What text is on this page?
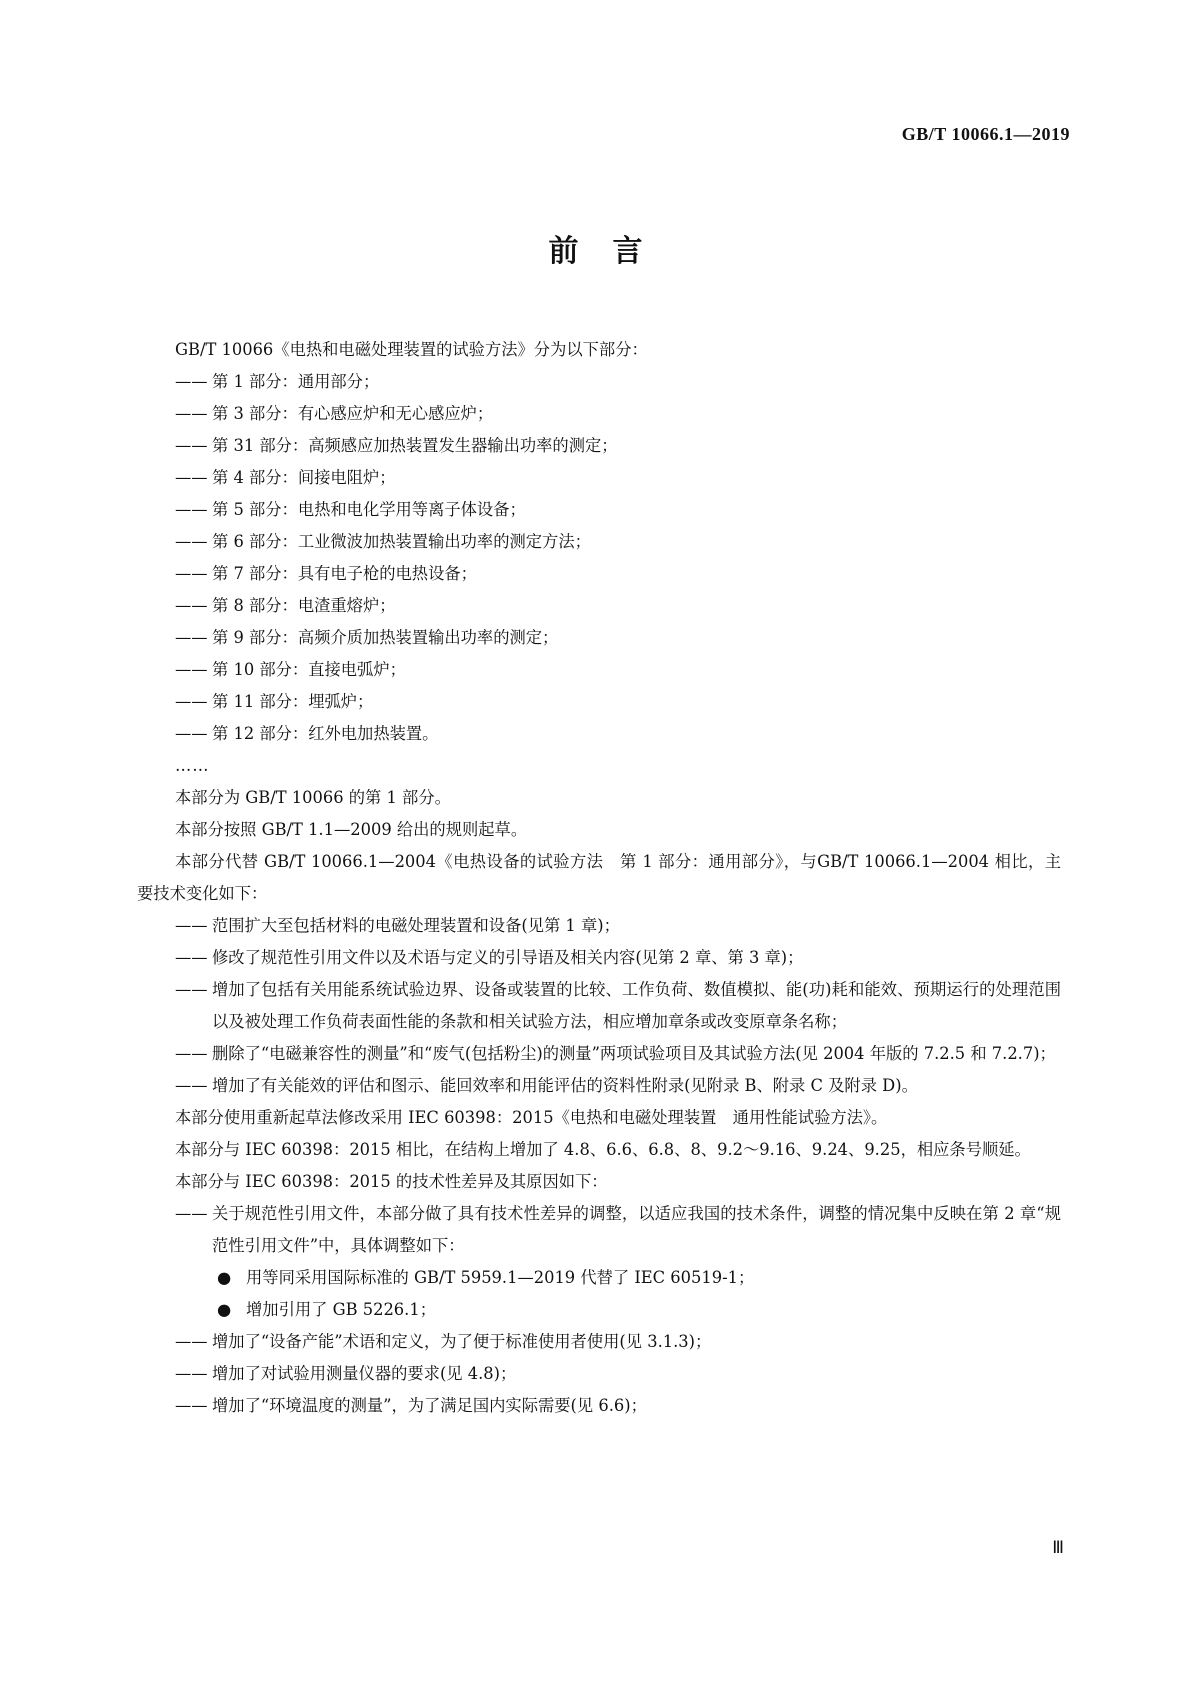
GB/T 10066.1—2019
前言

GB/T 10066《电热和电磁处理装置的试验方法》分为以下部分：

—— 第 1 部分：通用部分；
—— 第 3 部分：有心感应炉和无心感应炉；
—— 第 31 部分：高频感应加热装置发生器输出功率的测定；
—— 第 4 部分：间接电阻炉；
—— 第 5 部分：电热和电化学用等离子体设备；
—— 第 6 部分：工业微波加热装置输出功率的测定方法；
—— 第 7 部分：具有电子枪的电热设备；
—— 第 8 部分：电渣重熔炉；
—— 第 9 部分：高频介质加热装置输出功率的测定；
—— 第 10 部分：直接电弧炉；
—— 第 11 部分：埋弧炉；
—— 第 12 部分：红外电加热装置。
……

本部分为 GB/T 10066 的第 1 部分。

本部分按照 GB/T 1.1—2009 给出的规则起草。

本部分代替 GB/T 10066.1—2004《电热设备的试验方法　第 1 部分：通用部分》，与GB/T 10066.1—2004 相比，主要技术变化如下：

—— 范围扩大至包括材料的电磁处理装置和设备(见第 1 章)；
—— 修改了规范性引用文件以及术语与定义的引导语及相关内容(见第 2 章、第 3 章)；
—— 增加了包括有关用能系统试验边界、设备或装置的比较、工作负荷、数值模拟、能(功)耗和能效、预期运行的处理范围以及被处理工作负荷表面性能的条款和相关试验方法，相应增加章条或改变原章条名称；
—— 删除了“电磁兼容性的测量”和“废气(包括粉尘)的测量”两项试验项目及其试验方法(见 2004 年版的 7.2.5 和 7.2.7)；
—— 增加了有关能效的评估和图示、能回效率和用能评估的资料性附录(见附录 B、附录 C 及附录 D)。

本部分使用重新起草法修改采用 IEC 60398：2015《电热和电磁处理装置　通用性能试验方法》。

本部分与 IEC 60398：2015 相比，在结构上增加了 4.8、6.6、6.8、8、9.2～9.16、9.24、9.25，相应条号顺延。

本部分与 IEC 60398：2015 的技术性差异及其原因如下：

—— 关于规范性引用文件，本部分做了具有技术性差异的调整，以适应我国的技术条件，调整的情况集中反映在第 2 章“规范性引用文件”中，具体调整如下：
● 用等同采用国际标准的 GB/T 5959.1—2019 代替了 IEC 60519-1；
● 增加引用了 GB 5226.1；
—— 增加了“设备产能”术语和定义，为了便于标准使用者使用(见 3.1.3)；
—— 增加了对试验用测量仪器的要求(见 4.8)；
—— 增加了“环境温度的测量”，为了满足国内实际需要(见 6.6)；
Ⅲ
